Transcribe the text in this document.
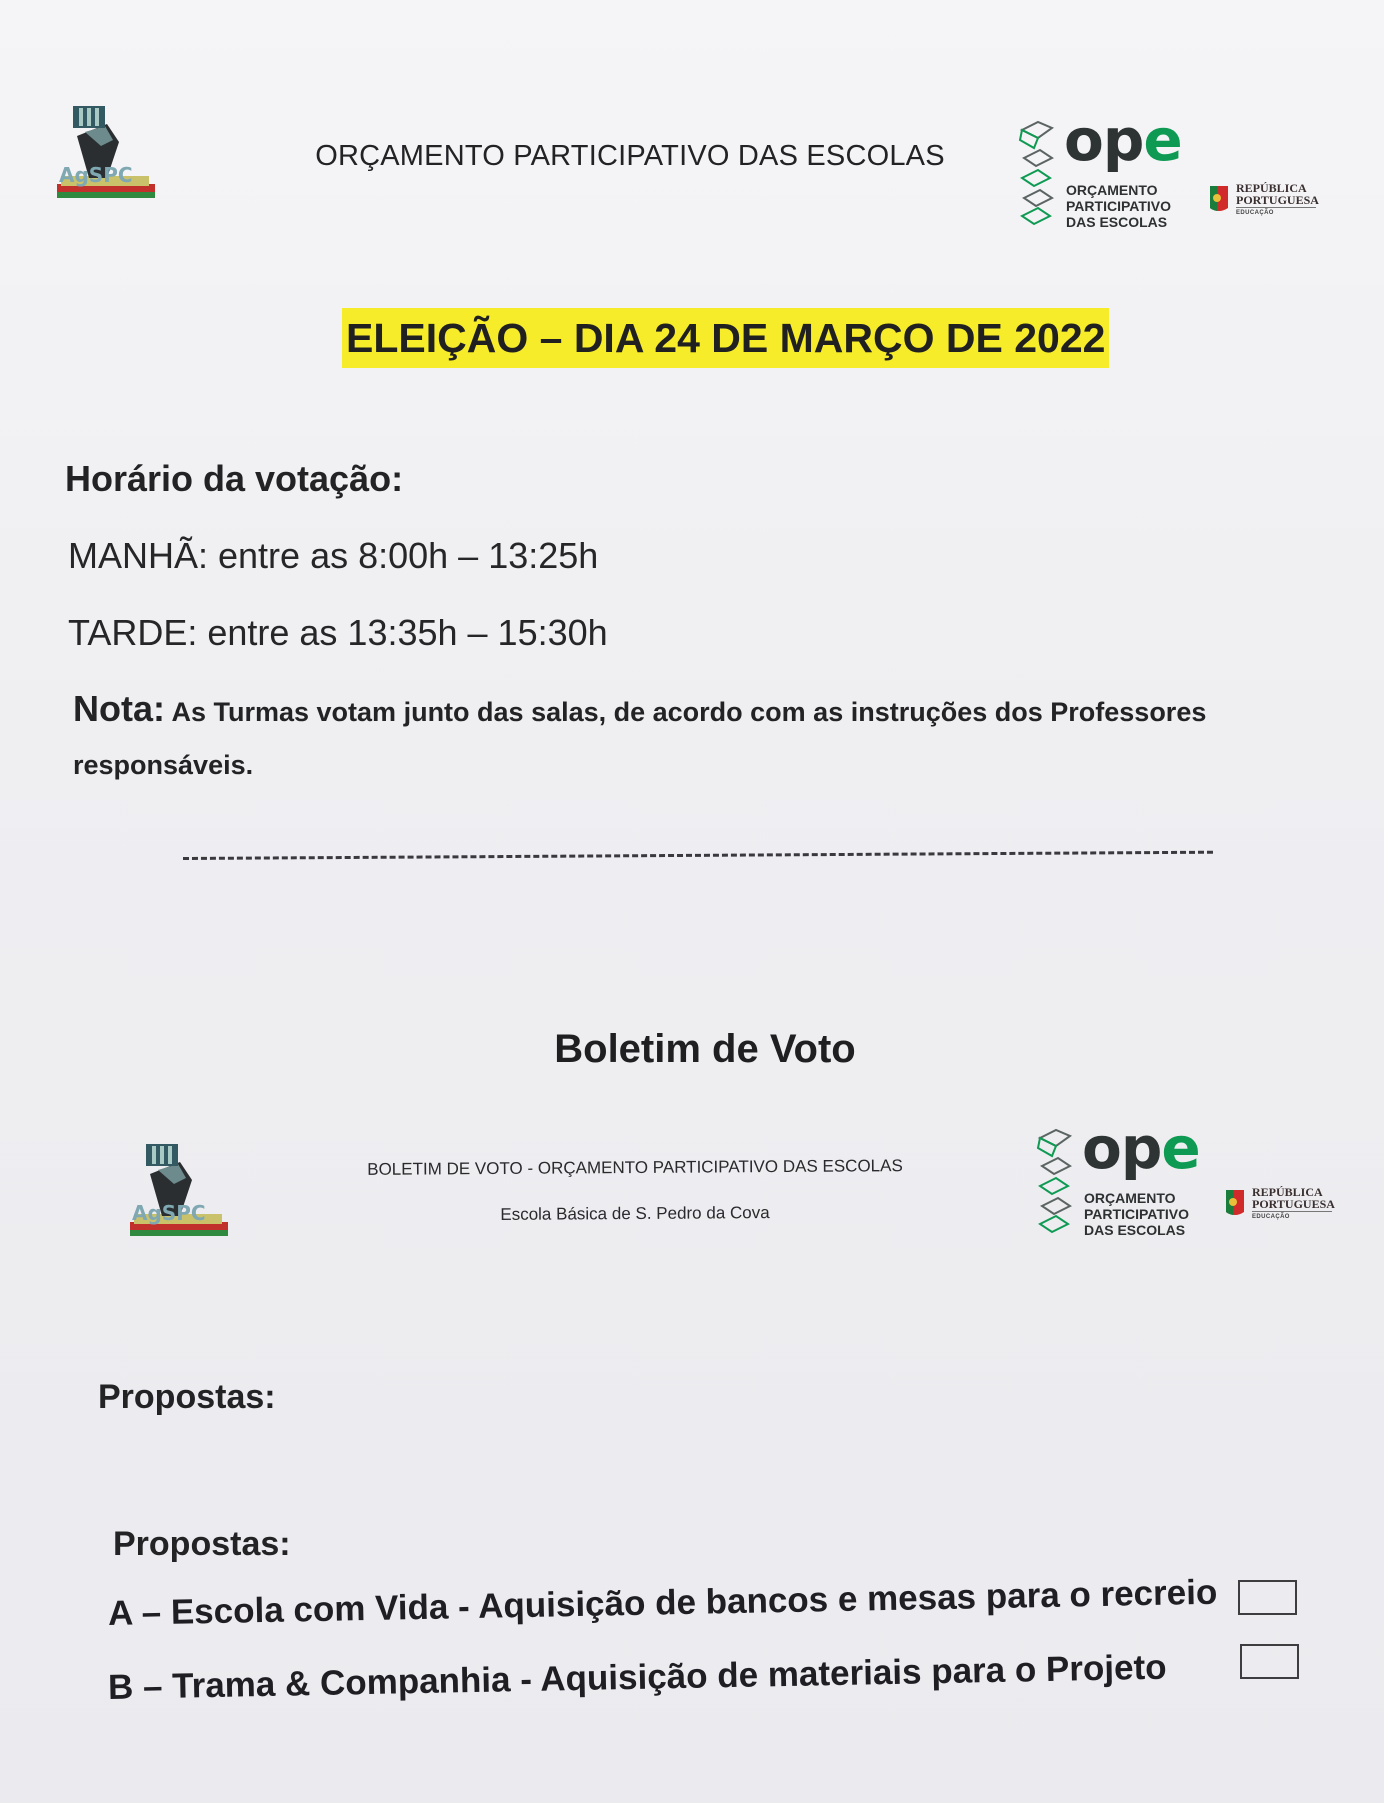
AgSPC
ORÇAMENTO PARTICIPATIVO DAS ESCOLAS ope
ORÇAMENTO
PARTICIPATIVO
DAS ESCOLAS
REPÚBLICA
PORTUGUESA
EDUCAÇÃO
ELEIÇÃO – DIA 24 DE MARÇO DE 2022
Horário da votação:
MANHÃ: entre as 8:00h – 13:25h
TARDE: entre as 13:35h – 15:30h
Nota: As Turmas votam junto das salas, de acordo com as instruções dos Professores responsáveis.
Boletim de Voto
AgSPC
BOLETIM DE VOTO - ORÇAMENTO PARTICIPATIVO DAS ESCOLAS
Escola Básica de S. Pedro da Cova
ope
ORÇAMENTO
PARTICIPATIVO
DAS ESCOLAS
REPÚBLICA
PORTUGUESA
EDUCAÇÃO
Propostas:
Propostas:
A – Escola com Vida - Aquisição de bancos e mesas para o recreio
B – Trama & Companhia - Aquisição de materiais para o Projeto
